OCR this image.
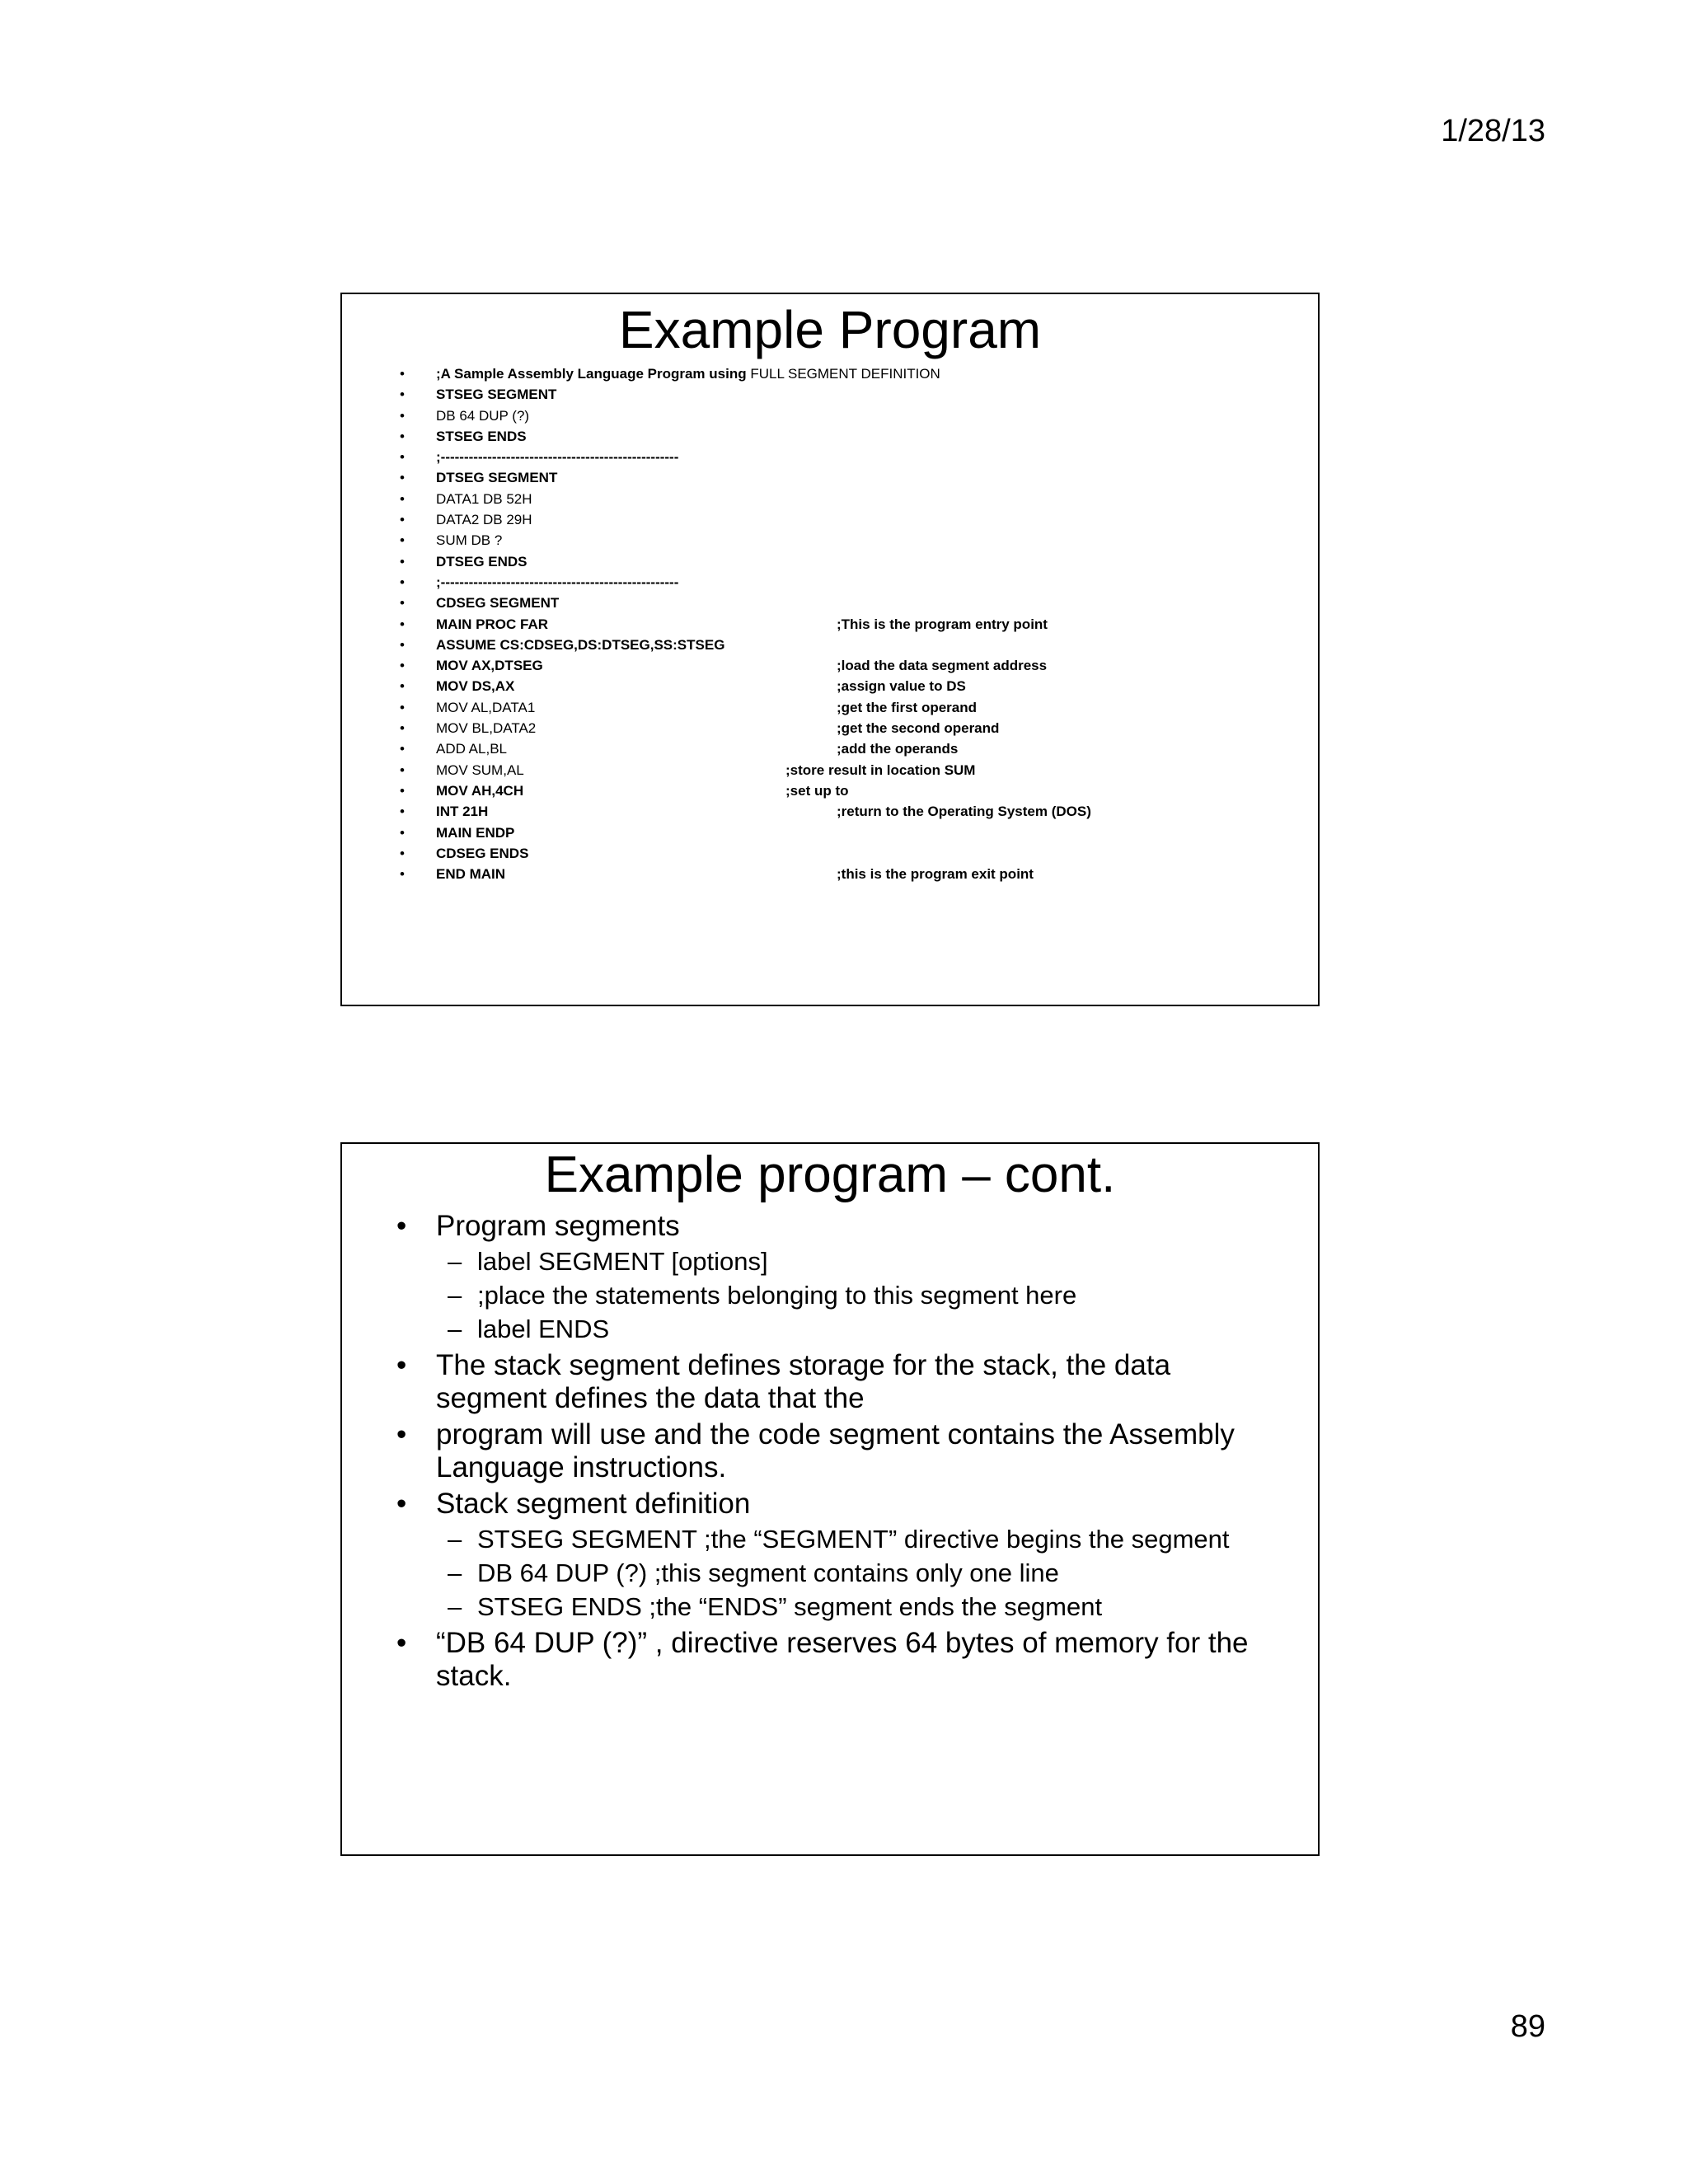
1/28/13
Example Program
• ;A Sample Assembly Language Program using FULL SEGMENT DEFINITION
• STSEG SEGMENT
• DB 64 DUP (?)
• STSEG ENDS
• ;---------------------------------------------------
• DTSEG SEGMENT
• DATA1 DB 52H
• DATA2 DB 29H
• SUM DB ?
• DTSEG ENDS
• ;---------------------------------------------------
• CDSEG SEGMENT
• MAIN PROC FAR	;This is the program entry point
• ASSUME CS:CDSEG,DS:DTSEG,SS:STSEG
• MOV AX,DTSEG	;load the data segment address
• MOV DS,AX	;assign value to DS
• MOV AL,DATA1	;get the first operand
• MOV BL,DATA2	;get the second operand
• ADD AL,BL	;add the operands
• MOV SUM,AL	;store result in location SUM
• MOV AH,4CH	;set up to
• INT 21H	;return to the Operating System (DOS)
• MAIN ENDP
• CDSEG ENDS
• END MAIN	;this is the program exit point
Example program – cont.
• Program segments
– label SEGMENT [options]
– ;place the statements belonging to this segment here
– label ENDS
• The stack segment defines storage for the stack, the data segment defines the data that the
• program will use and the code segment contains the Assembly Language instructions.
• Stack segment definition
– STSEG SEGMENT ;the “SEGMENT” directive begins the segment
– DB 64 DUP (?) ;this segment contains only one line
– STSEG ENDS ;the “ENDS” segment ends the segment
• “DB 64 DUP (?)” , directive reserves 64 bytes of memory for the stack.
89
